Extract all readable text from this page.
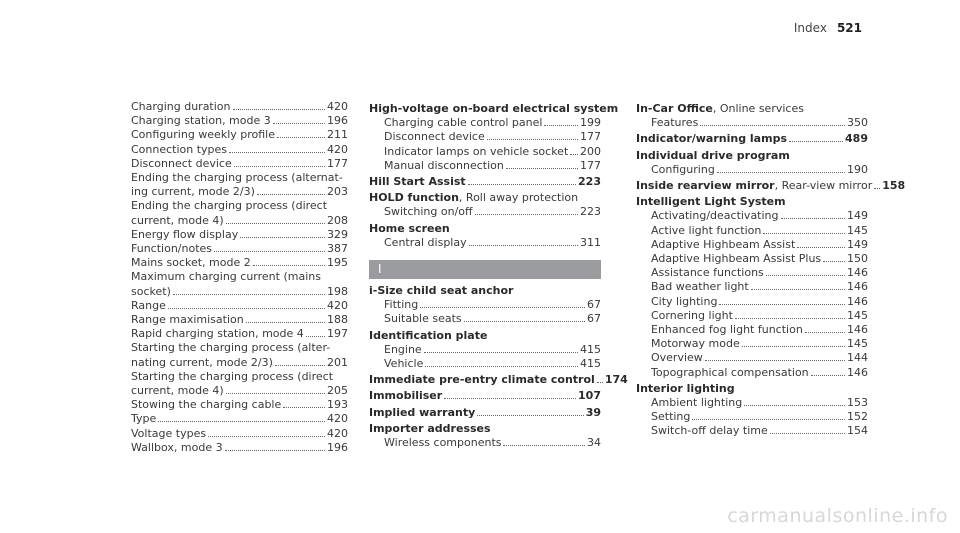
Index 521
Charging duration	420
Charging station, mode 3	196
Configuring weekly profile	211
Connection types	420
Disconnect device	177
Ending the charging process (alternat-
ing current, mode 2/3)	203
Ending the charging process (direct
current, mode 4)	208
Energy flow display	329
Function/notes	387
Mains socket, mode 2	195
Maximum charging current (mains
socket)	198
Range	420
Range maximisation	188
Rapid charging station, mode 4 197
Starting the charging process (alter-
nating current, mode 2/3)	201
Starting the charging process (direct
current, mode 4)	205
Stowing the charging cable	193
Type	420
Voltage types	420
Wallbox, mode 3	196
High-voltage on-board electrical system
Charging cable control panel	199
Disconnect device	177
Indicator lamps on vehicle socket 200
Manual disconnection	177
Hill Start Assist	223
HOLD function, Roll away protection
Switching on/off	223
Home screen
Central display	311
I
i-Size child seat anchor
Fitting	67
Suitable seats	67
Identification plate
Engine	415
Vehicle	415
Immediate pre-entry climate control 174
Immobiliser	107
Implied warranty	39
Importer addresses
Wireless components	34
In-Car Office, Online services
Features	350
Indicator/warning lamps	489
Individual drive program
Configuring	190
Inside rearview mirror, Rear-view mirror 158
Intelligent Light System
Activating/deactivating	149
Active light function	145
Adaptive Highbeam Assist	149
Adaptive Highbeam Assist Plus 150
Assistance functions	146
Bad weather light	146
City lighting	146
Cornering light	145
Enhanced fog light function	146
Motorway mode	145
Overview	144
Topographical compensation	146
Interior lighting
Ambient lighting	153
Setting	152
Switch-off delay time	154
carmanualsonline.info
